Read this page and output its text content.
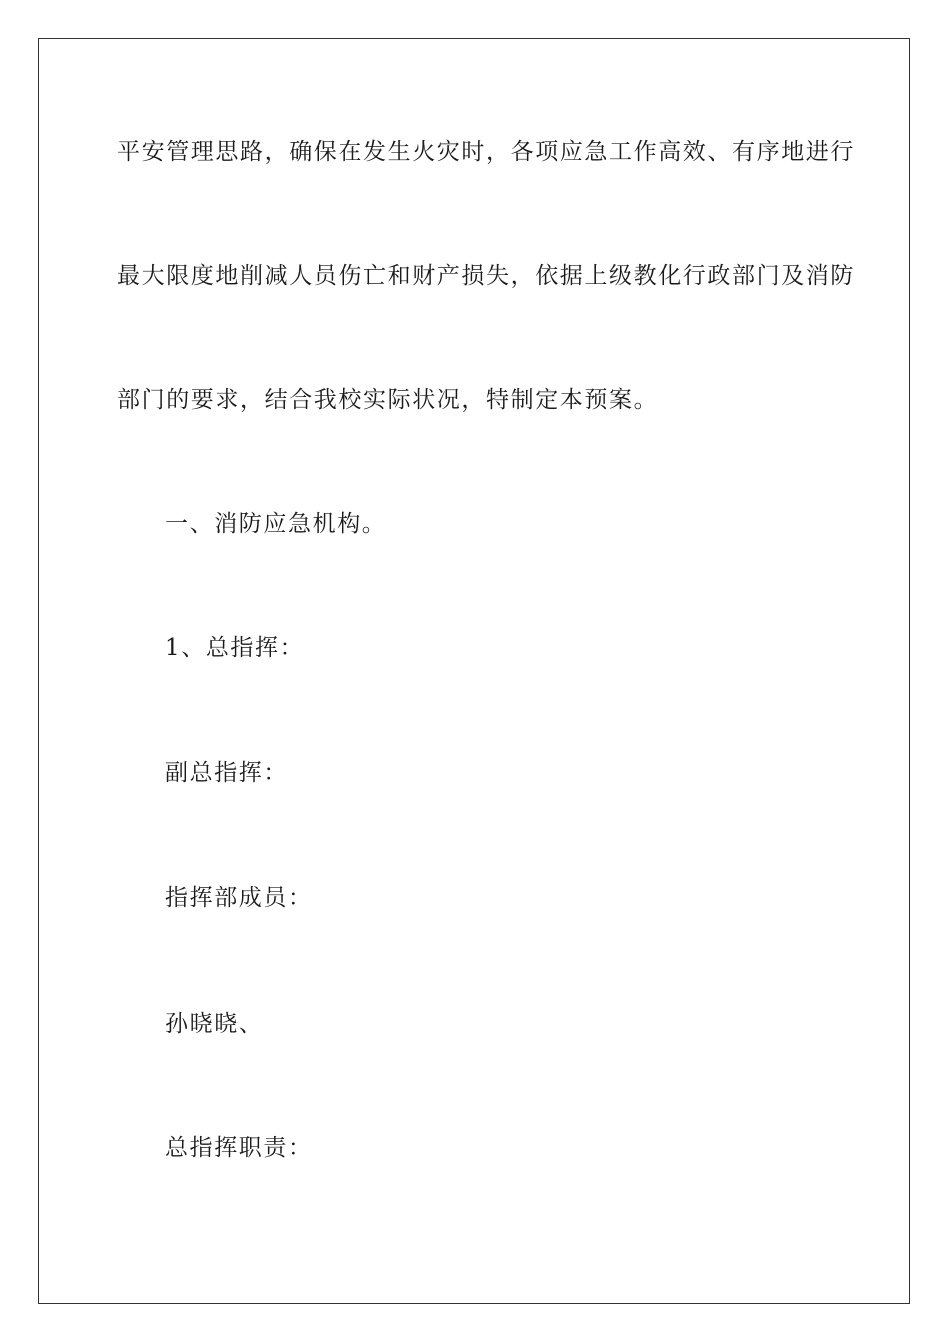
平安管理思路，确保在发生火灾时，各项应急工作高效、有序地进行
最大限度地削减人员伤亡和财产损失，依据上级教化行政部门及消防
部门的要求，结合我校实际状况，特制定本预案。
一、消防应急机构。
1、总指挥：
副总指挥：
指挥部成员：
孙晓晓、
总指挥职责：
